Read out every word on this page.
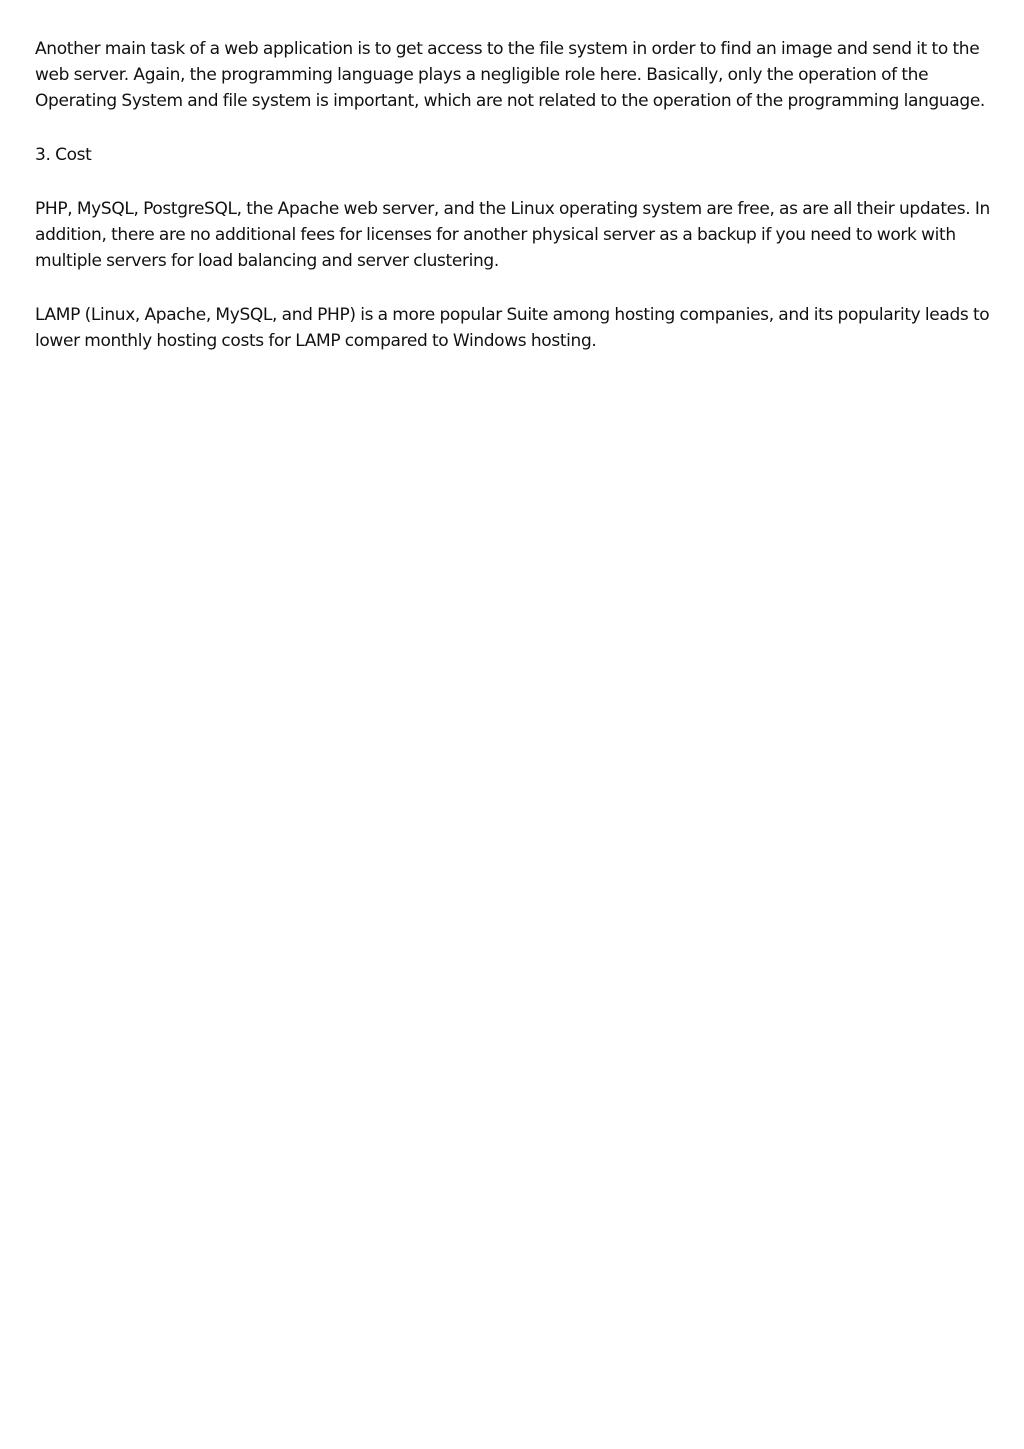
Another main task of a web application is to get access to the file system in order to find an image and send it to the web server. Again, the programming language plays a negligible role here. Basically, only the operation of the Operating System and file system is important, which are not related to the operation of the programming language.

3. Cost

PHP, MySQL, PostgreSQL, the Apache web server, and the Linux operating system are free, as are all their updates. In addition, there are no additional fees for licenses for another physical server as a backup if you need to work with multiple servers for load balancing and server clustering.

LAMP (Linux, Apache, MySQL, and PHP) is a more popular Suite among hosting companies, and its popularity leads to lower monthly hosting costs for LAMP compared to Windows hosting.
